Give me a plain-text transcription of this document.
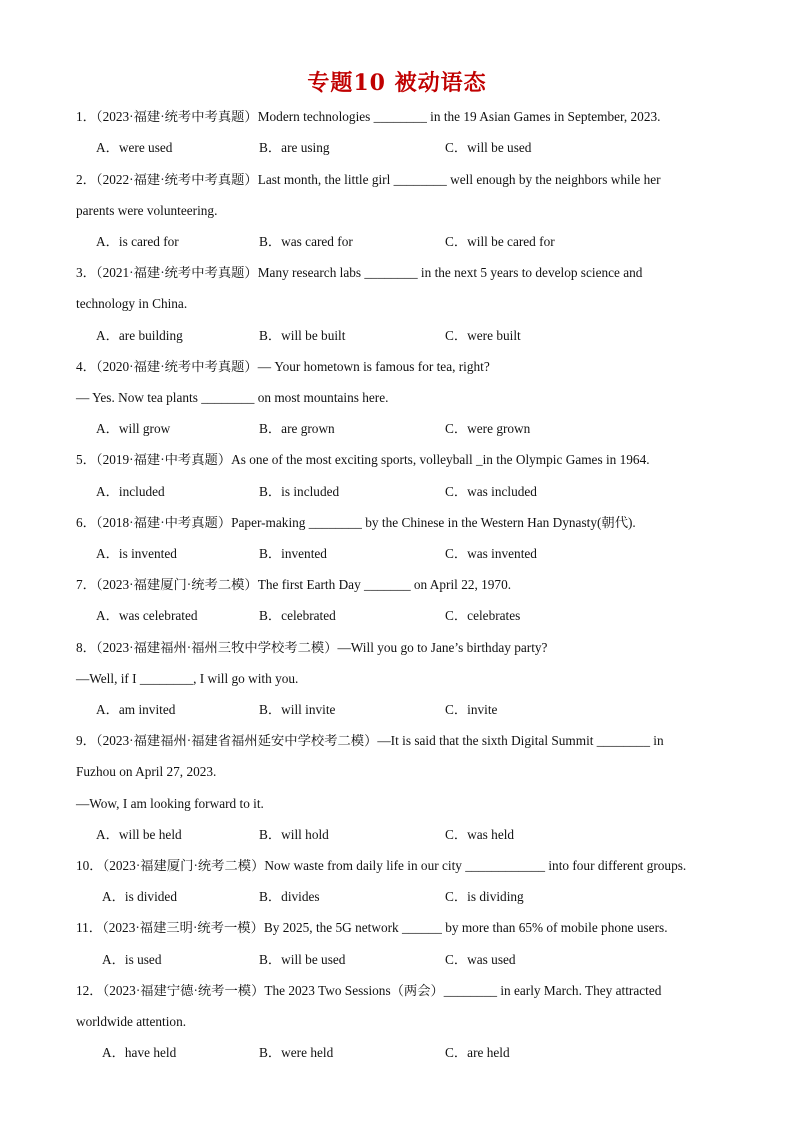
专题10 被动语态
1．（2023·福建·统考中考真题）Modern technologies ________ in the 19 Asian Games in September, 2023.
A．were used	B．are using	C．will be used
2．（2022·福建·统考中考真题）Last month, the little girl ________ well enough by the neighbors while her
parents were volunteering.
A．is cared for	B．was cared for	C．will be cared for
3．（2021·福建·统考中考真题）Many research labs ________ in the next 5 years to develop science and
technology in China.
A．are building	B．will be built	C．were built
4．（2020·福建·统考中考真题）— Your hometown is famous for tea, right?
— Yes. Now tea plants ________ on most mountains here.
A．will grow	B．are grown	C．were grown
5．（2019·福建·中考真题）As one of the most exciting sports, volleyball _in the Olympic Games in 1964.
A．included	B．is included	C．was included
6．（2018·福建·中考真题）Paper-making ________ by the Chinese in the Western Han Dynasty(朝代).
A．is invented	B．invented	C．was invented
7．（2023·福建厦门·统考二模）The first Earth Day _______ on April 22, 1970.
A．was celebrated	B．celebrated	C．celebrates
8．（2023·福建福州·福州三牧中学校考二模）—Will you go to Jane’s birthday party?
—Well, if I ________, I will go with you.
A．am invited	B．will invite	C．invite
9．（2023·福建福州·福建省福州延安中学校考二模）—It is said that the sixth Digital Summit ________ in
Fuzhou on April 27, 2023.
—Wow, I am looking forward to it.
A．will be held	B．will hold	C．was held
10．（2023·福建厦门·统考二模）Now waste from daily life in our city ____________ into four different groups.
A．is divided	B．divides	C．is dividing
11．（2023·福建三明·统考一模）By 2025, the 5G network ______ by more than 65% of mobile phone users.
A．is used	B．will be used	C．was used
12．（2023·福建宁德·统考一模）The 2023 Two Sessions（两会）________ in early March. They attracted
worldwide attention.
A．have held	B．were held	C．are held
